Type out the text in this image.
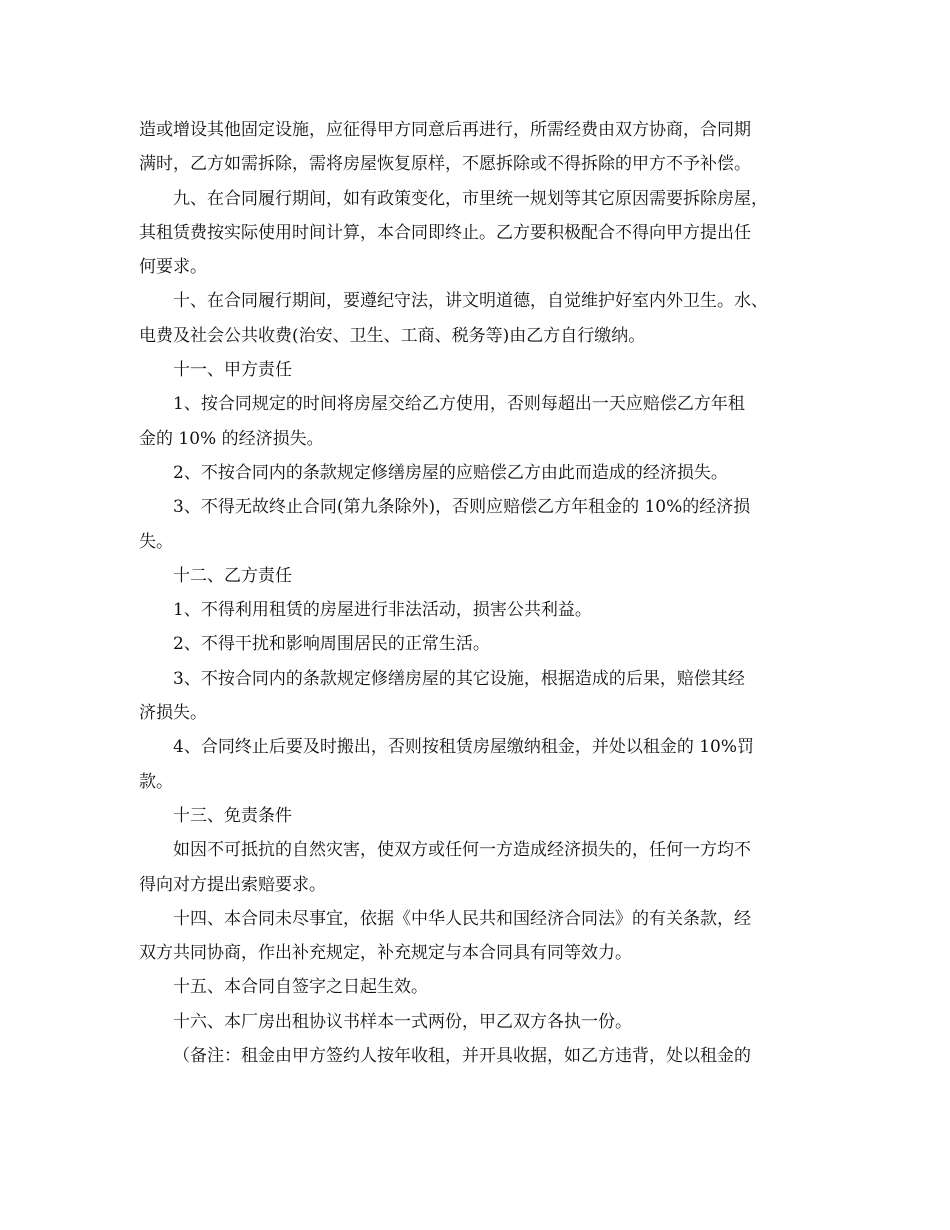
造或增设其他固定设施，应征得甲方同意后再进行，所需经费由双方协商，合同期
满时，乙方如需拆除，需将房屋恢复原样，不愿拆除或不得拆除的甲方不予补偿。
九、在合同履行期间，如有政策变化，市里统一规划等其它原因需要拆除房屋，
其租赁费按实际使用时间计算，本合同即终止。乙方要积极配合不得向甲方提出任
何要求。
十、在合同履行期间，要遵纪守法，讲文明道德，自觉维护好室内外卫生。水、
电费及社会公共收费(治安、卫生、工商、税务等)由乙方自行缴纳。
十一、甲方责任
1、按合同规定的时间将房屋交给乙方使用，否则每超出一天应赔偿乙方年租
金的 10% 的经济损失。
2、不按合同内的条款规定修缮房屋的应赔偿乙方由此而造成的经济损失。
3、不得无故终止合同(第九条除外)，否则应赔偿乙方年租金的 10%的经济损
失。
十二、乙方责任
1、不得利用租赁的房屋进行非法活动，损害公共利益。
2、不得干扰和影响周围居民的正常生活。
3、不按合同内的条款规定修缮房屋的其它设施，根据造成的后果，赔偿其经
济损失。
4、合同终止后要及时搬出，否则按租赁房屋缴纳租金，并处以租金的 10%罚
款。
十三、免责条件
如因不可抵抗的自然灾害，使双方或任何一方造成经济损失的，任何一方均不
得向对方提出索赔要求。
十四、本合同未尽事宜，依据《中华人民共和国经济合同法》的有关条款，经
双方共同协商，作出补充规定，补充规定与本合同具有同等效力。
十五、本合同自签字之日起生效。
十六、本厂房出租协议书样本一式两份，甲乙双方各执一份。
（备注：租金由甲方签约人按年收租，并开具收据，如乙方违背，处以租金的
